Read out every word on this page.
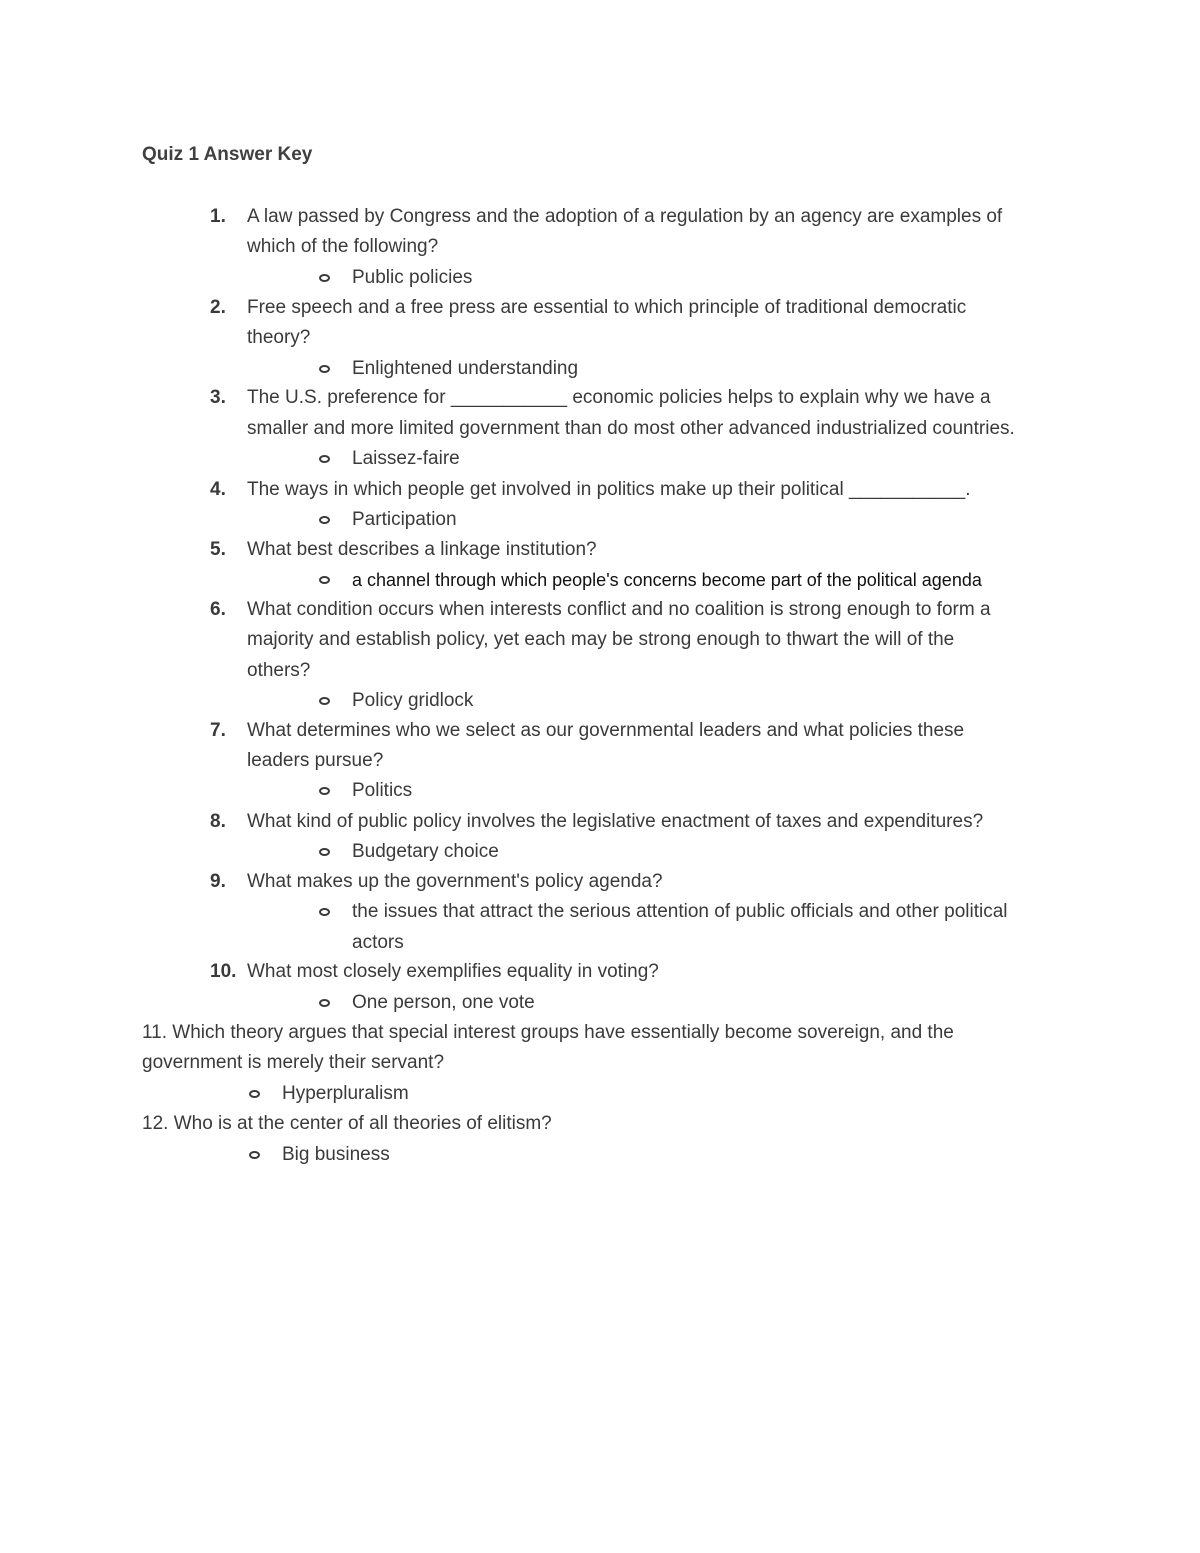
Quiz 1 Answer Key
1. A law passed by Congress and the adoption of a regulation by an agency are examples of
which of the following?
Public policies
2. Free speech and a free press are essential to which principle of traditional democratic
theory?
Enlightened understanding
3. The U.S. preference for ___________ economic policies helps to explain why we have a
smaller and more limited government than do most other advanced industrialized countries.
Laissez-faire
4. The ways in which people get involved in politics make up their political ___________.
Participation
5. What best describes a linkage institution?
a channel through which people's concerns become part of the political agenda
6. What condition occurs when interests conflict and no coalition is strong enough to form a
majority and establish policy, yet each may be strong enough to thwart the will of the
others?
Policy gridlock
7. What determines who we select as our governmental leaders and what policies these
leaders pursue?
Politics
8. What kind of public policy involves the legislative enactment of taxes and expenditures?
Budgetary choice
9. What makes up the government's policy agenda?
the issues that attract the serious attention of public officials and other political
actors
10. What most closely exemplifies equality in voting?
One person, one vote
11. Which theory argues that special interest groups have essentially become sovereign, and the
government is merely their servant?
Hyperpluralism
12. Who is at the center of all theories of elitism?
Big business
